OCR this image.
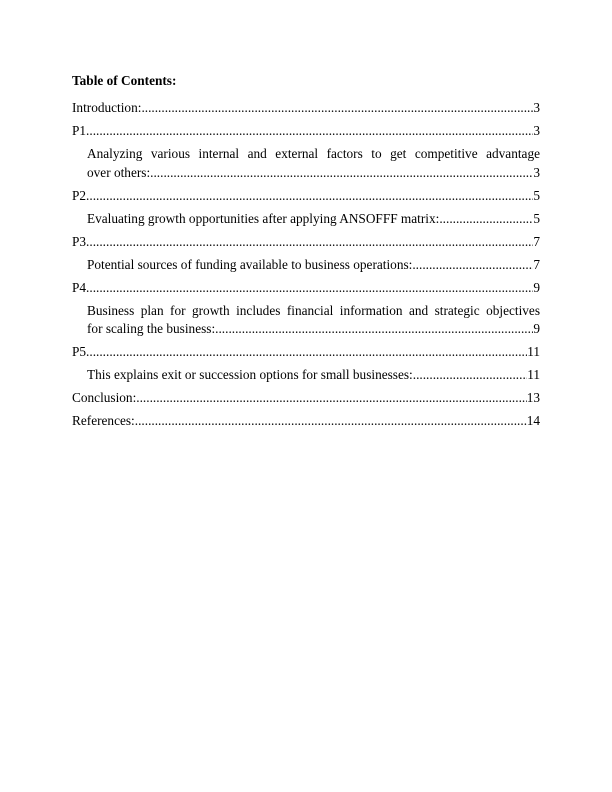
Table of Contents:
Introduction: .....	3
P1 .....	3
Analyzing various internal and external factors to get competitive advantage
over others: .....	3
P2 .....	5
Evaluating growth opportunities after applying ANSOFFF matrix: .....	5
P3 .....	7
Potential sources of funding available to business operations: .....	7
P4 .....	9
Business plan for growth includes financial information and strategic objectives
for scaling the business: .....	9
P5 .....	11
This explains exit or succession options for small businesses: .....	11
Conclusion: .....	13
References: .....	14
